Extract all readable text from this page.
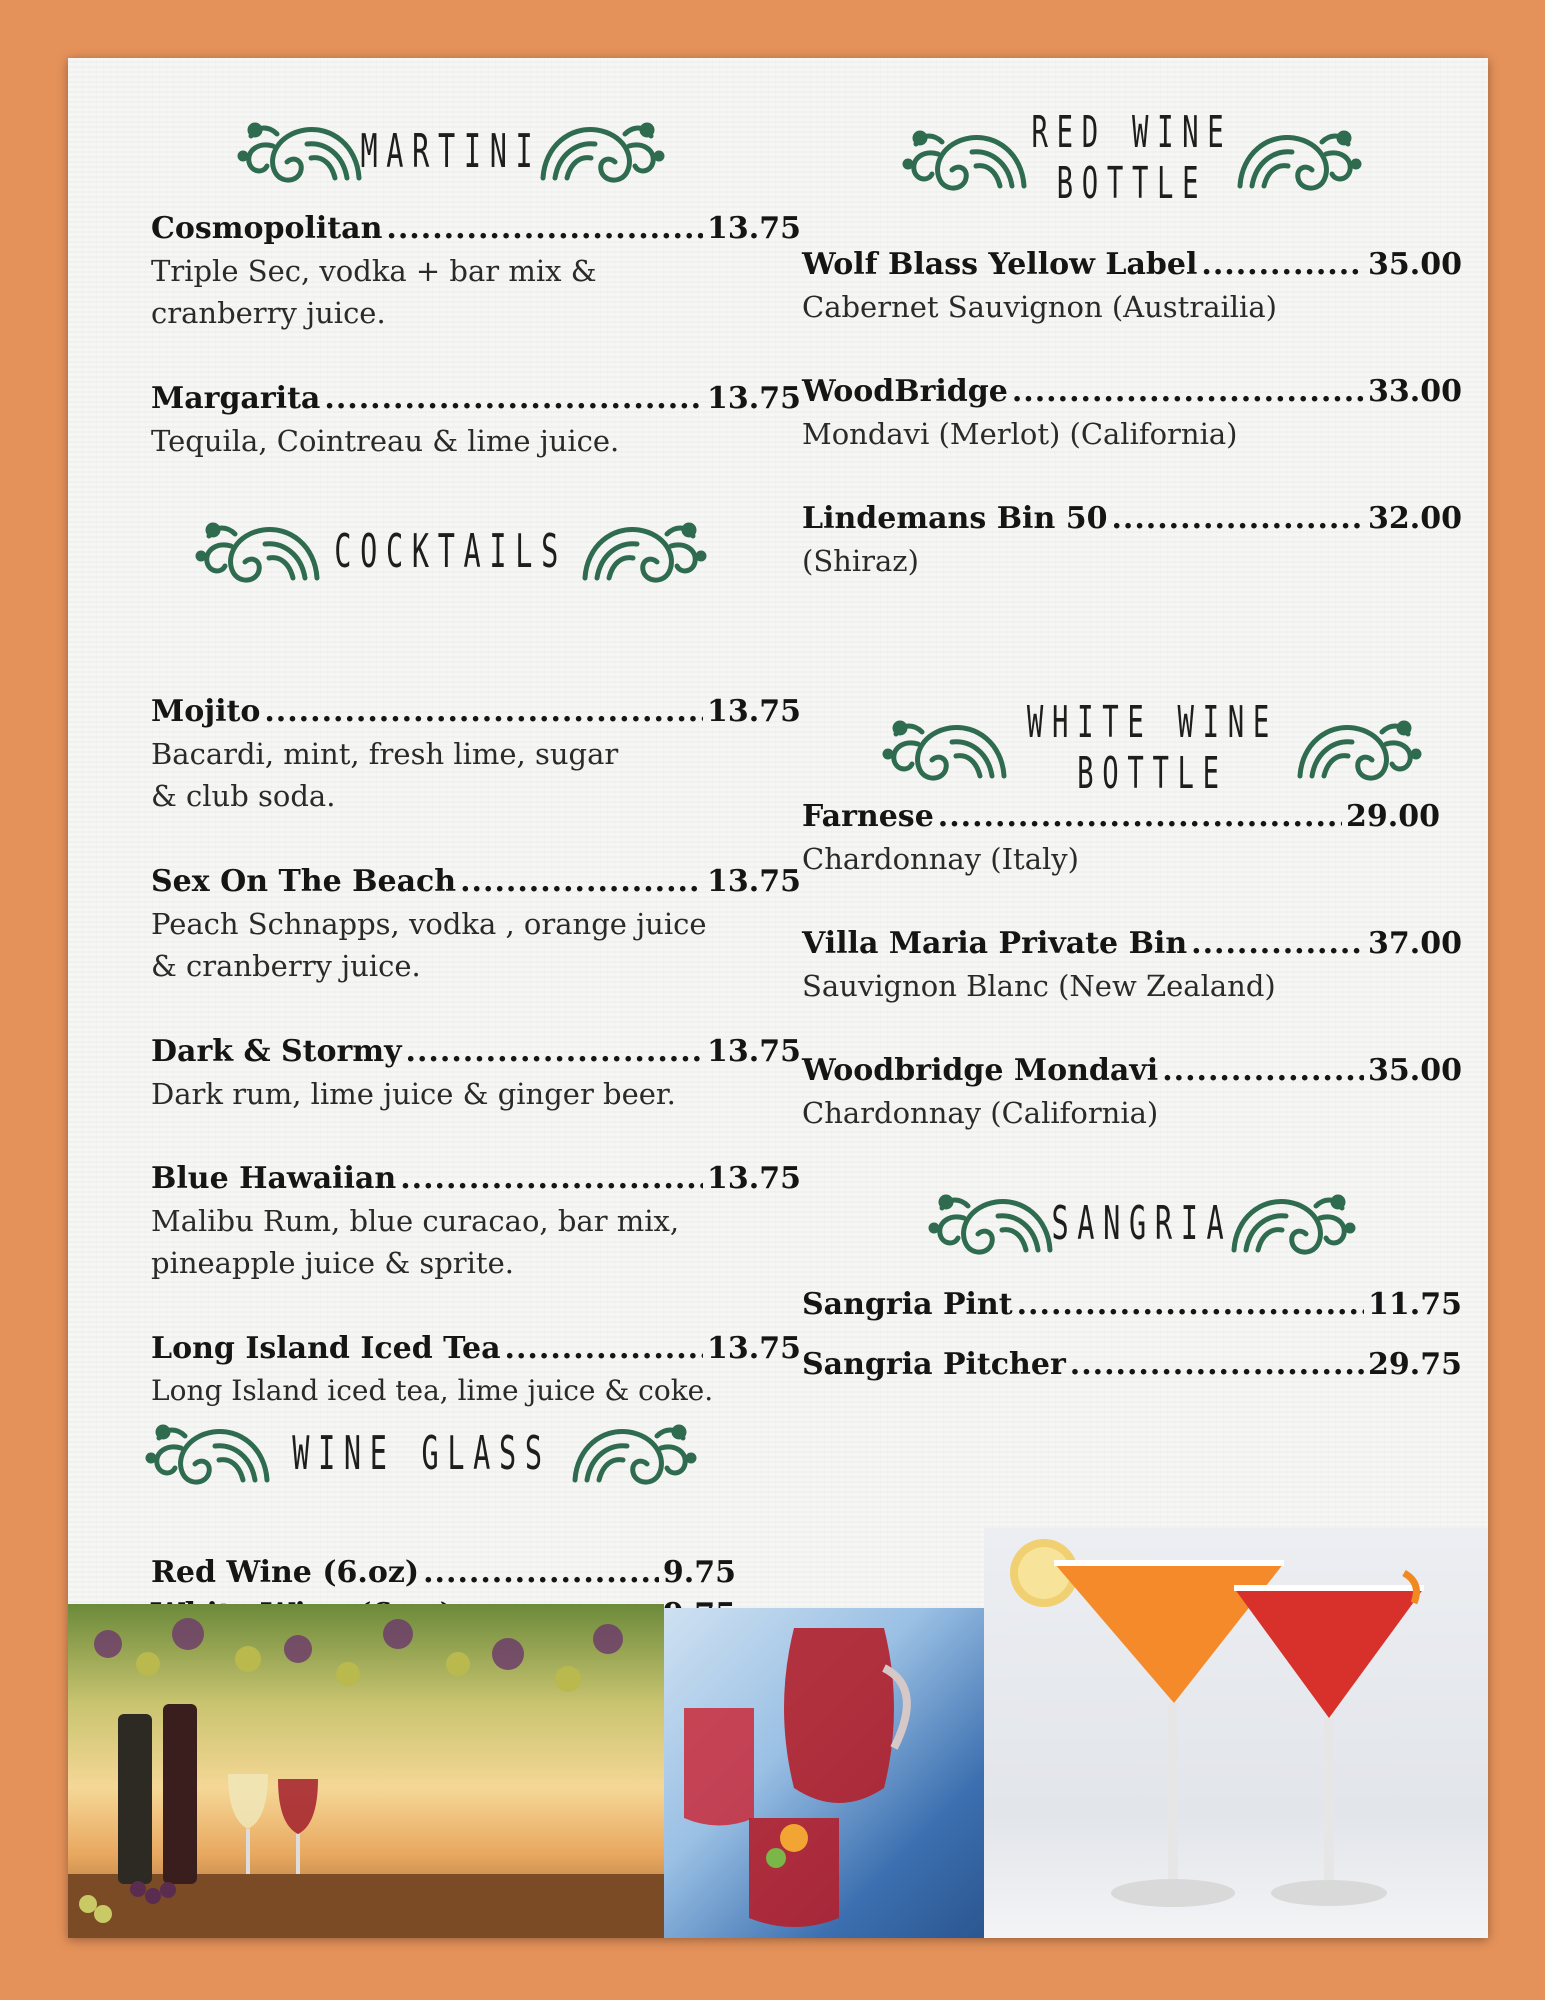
MARTINI
Cosmopolitan .....	13.75
Triple Sec, vodka + bar mix & cranberry juice.
Margarita .....	13.75
Tequila, Cointreau & lime juice.
COCKTAILS
Mojito .....	13.75
Bacardi, mint, fresh lime, sugar & club soda.
Sex On The Beach .....	13.75
Peach Schnapps, vodka , orange juice & cranberry juice.
Dark & Stormy .....	13.75
Dark rum, lime juice & ginger beer.
Blue Hawaiian .....	13.75
Malibu Rum, blue curacao, bar mix, pineapple juice & sprite.
Long Island Iced Tea .....	13.75
Long Island iced tea, lime juice & coke.
WINE GLASS
Red Wine (6.oz) .....	9.75
.....
RED WINE
BOTTLE
Wolf Blass Yellow Label .....	35.00
Cabernet Sauvignon (Austrailia)
WoodBridge .....	33.00
Mondavi (Merlot) (California)
Lindemans Bin 50 .....	32.00
(Shiraz)
WHITE WINE
BOTTLE
Farnese .....	29.00
Chardonnay (Italy)
Villa Maria Private Bin .....	37.00
Sauvignon Blanc (New Zealand)
Woodbridge Mondavi .....	35.00
Chardonnay (California)
SANGRIA
Sangria Pint .....	11.75
Sangria Pitcher .....	29.75
